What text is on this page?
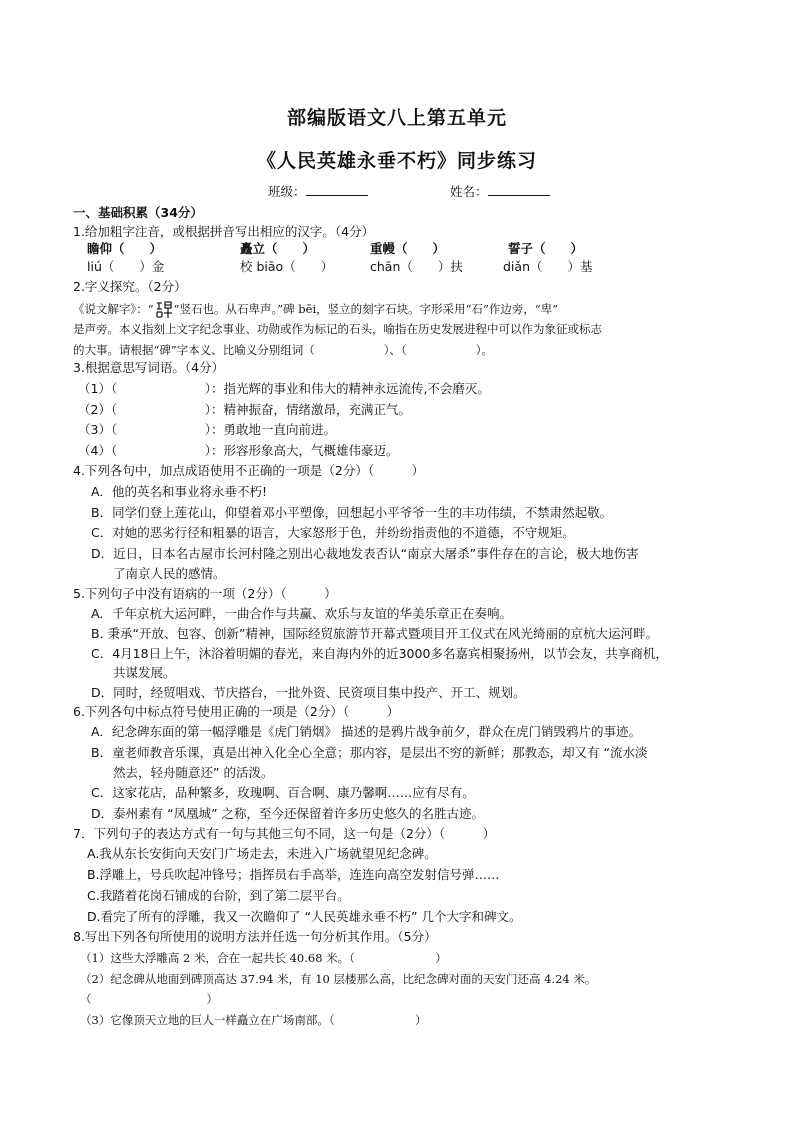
部编版语文八上第五单元
《人民英雄永垂不朽》同步练习
班级：	姓名：
一、基础积累（34分）
1.给加粗字注音，或根据拼音写出相应的汉字。（4分）
瞻仰（　　）	矗立（　　）	重幔（　　）	誓子（　　）
liú（　　）金	校 biāo（　　）	chān（　　）扶	diǎn（　　）基
2.字义探究。（2分）
《说文解字》：“ ”竖石也。从石卑声。”碑 bēi，竖立的刻字石块。字形采用“石”作边旁，“卑”
是声旁。本义指刻上文字纪念事业、功勋或作为标记的石头，喻指在历史发展进程中可以作为象征或标志
的大事。请根据“碑”字本义、比喻义分别组词（　　　　　　）、（　　　　　　）。
3.根据意思写词语。（4分）
（1）（　　　　　　　）：指光辉的事业和伟大的精神永远流传,不会磨灭。
（2）（　　　　　　　）：精神振奋，情绪激昂，充满正气。
（3）（　　　　　　　）：勇敢地一直向前进。
（4）（　　　　　　　）：形容形象高大，气概雄伟豪迈。
4.下列各句中，加点成语使用不正确的一项是（2分）（　　　）
A．他的英名和事业将永垂不朽!
B．同学们登上莲花山，仰望着邓小平塑像，回想起小平爷爷一生的丰功伟绩，不禁肃然起敬。
C．对她的恶劣行径和粗暴的语言，大家怒形于色，并纷纷指责他的不道德，不守规矩。
D．近日，日本名古屋市长河村隆之别出心裁地发表否认“南京大屠杀”事件存在的言论，极大地伤害
了南京人民的感情。
5.下列句子中没有语病的一项（2分）（　　　）
A．千年京杭大运河畔，一曲合作与共赢、欢乐与友谊的华美乐章正在奏响。
B. 秉承“开放、包容、创新”精神，国际经贸旅游节开幕式暨项目开工仪式在风光绮丽的京杭大运河畔。
C．4月18日上午，沐浴着明媚的春光，来自海内外的近3000多名嘉宾相聚扬州，以节会友，共享商机，
共谋发展。
D．同时，经贸唱戏、节庆搭台，一批外资、民资项目集中投产、开工、规划。
6.下列各句中标点符号使用正确的一项是（2分）（　　　）
A．纪念碑东面的第一幅浮雕是《虎门销烟》 描述的是鸦片战争前夕，群众在虎门销毁鸦片的事迹。
B．童老师教音乐课，真是出神入化全心全意；那内容，是层出不穷的新鲜；那教态，却又有 “流水淡
然去，轻舟随意还” 的活泼。
C．这家花店，品种繁多，玫瑰啊、百合啊、康乃馨啊……应有尽有。
D．泰州素有 “凤凰城” 之称，至今还保留着许多历史悠久的名胜古迹。
7．下列句子的表达方式有一句与其他三句不同，这一句是（2分）（　　　）
A.我从东长安街向天安门广场走去，未进入广场就望见纪念碑。
B.浮雕上，号兵吹起冲锋号；指挥员右手高举，连连向高空发射信号弹……
C.我踏着花岗石铺成的台阶，到了第二层平台。
D.看完了所有的浮雕，我又一次瞻仰了 “人民英雄永垂不朽” 几个大字和碑文。
8.写出下列各句所使用的说明方法并任选一句分析其作用。（5分）
（1）这些大浮雕高 2 米，合在一起共长 40.68 米。（　　　　　　　）
（2）纪念碑从地面到碑顶高达 37.94 米，有 10 层楼那么高，比纪念碑对面的天安门还高 4.24 米。
（　　　　　　　　　　）
（3）它像顶天立地的巨人一样矗立在广场南部。（　　　　　　　）
